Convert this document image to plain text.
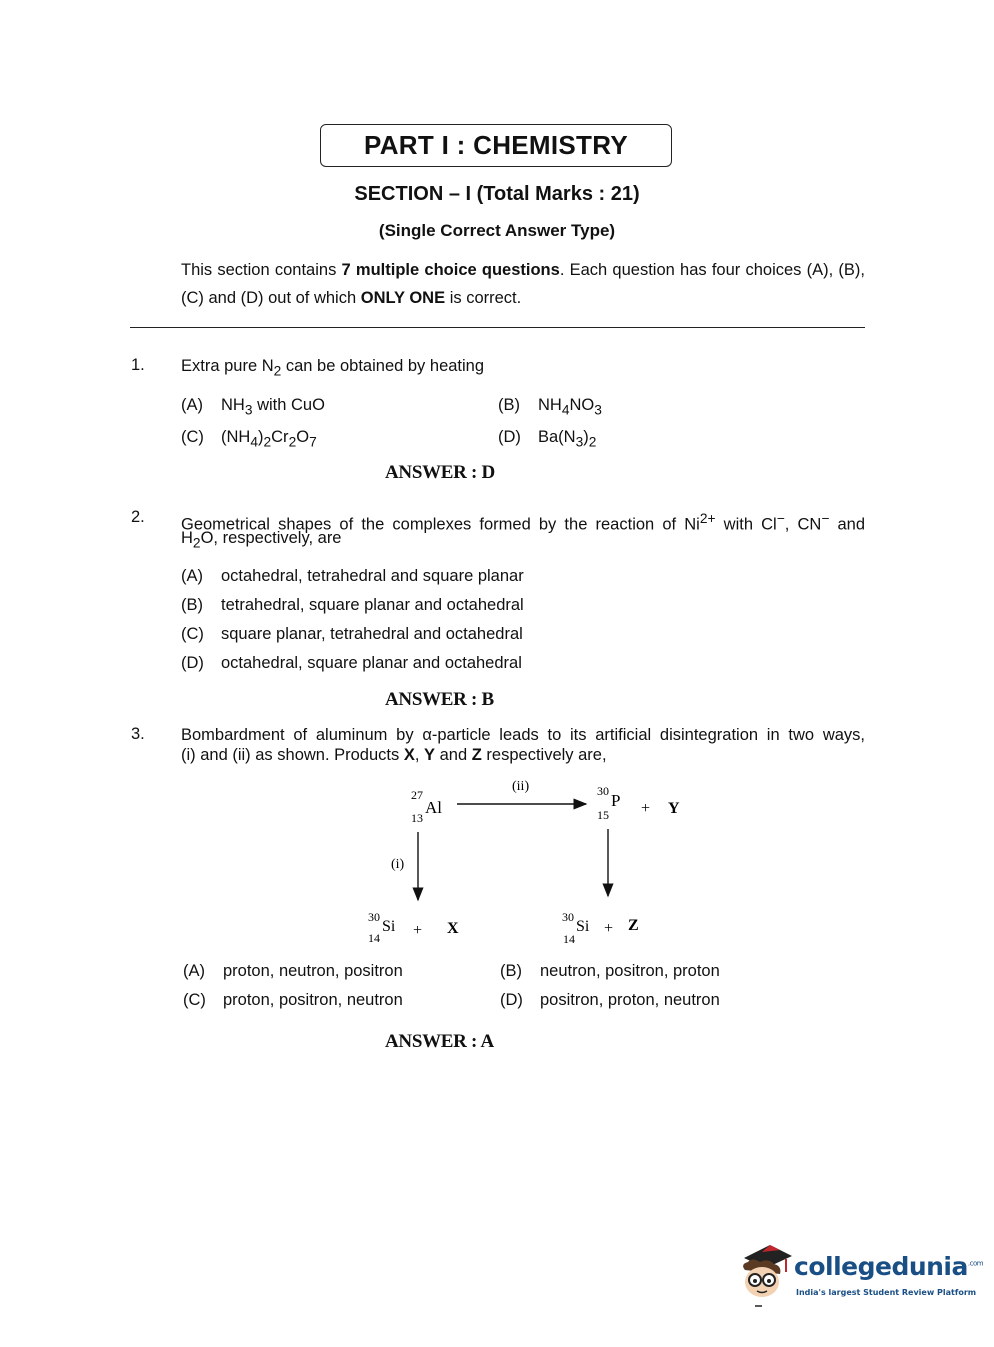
PART I : CHEMISTRY
SECTION – I (Total Marks : 21)
(Single Correct Answer Type)
This section contains 7 multiple choice questions. Each question has four choices (A), (B), (C) and (D) out of which ONLY ONE is correct.
1. Extra pure $N_2$ can be obtained by heating
(A) $NH_3$ with CuO	(B) $NH_4NO_3$
(C) $(NH_4)_2Cr_2O_7$	(D) $Ba(N_3)_2$
ANSWER : D
2. Geometrical shapes of the complexes formed by the reaction of $Ni^{2+}$ with Cl−, CN− and
$H_2O$, respectively, are
(A) octahedral, tetrahedral and square planar
(B) tetrahedral, square planar and octahedral
(C) square planar, tetrahedral and octahedral
(D) octahedral, square planar and octahedral
ANSWER : B
3. Bombardment of aluminum by α-particle leads to its artificial disintegration in two ways,
(i) and (ii) as shown. Products X, Y and Z respectively are,
27
13
Al
(ii)	30
15
P + Y
(i)
30
14
Si + X
30
14
Si + Z
(A) proton, neutron, positron	(B) neutron, positron, proton
(C) proton, positron, neutron	(D) positron, proton, neutron
ANSWER : A
collegedunia$^{.com}$
India's largest Student Review Platform
